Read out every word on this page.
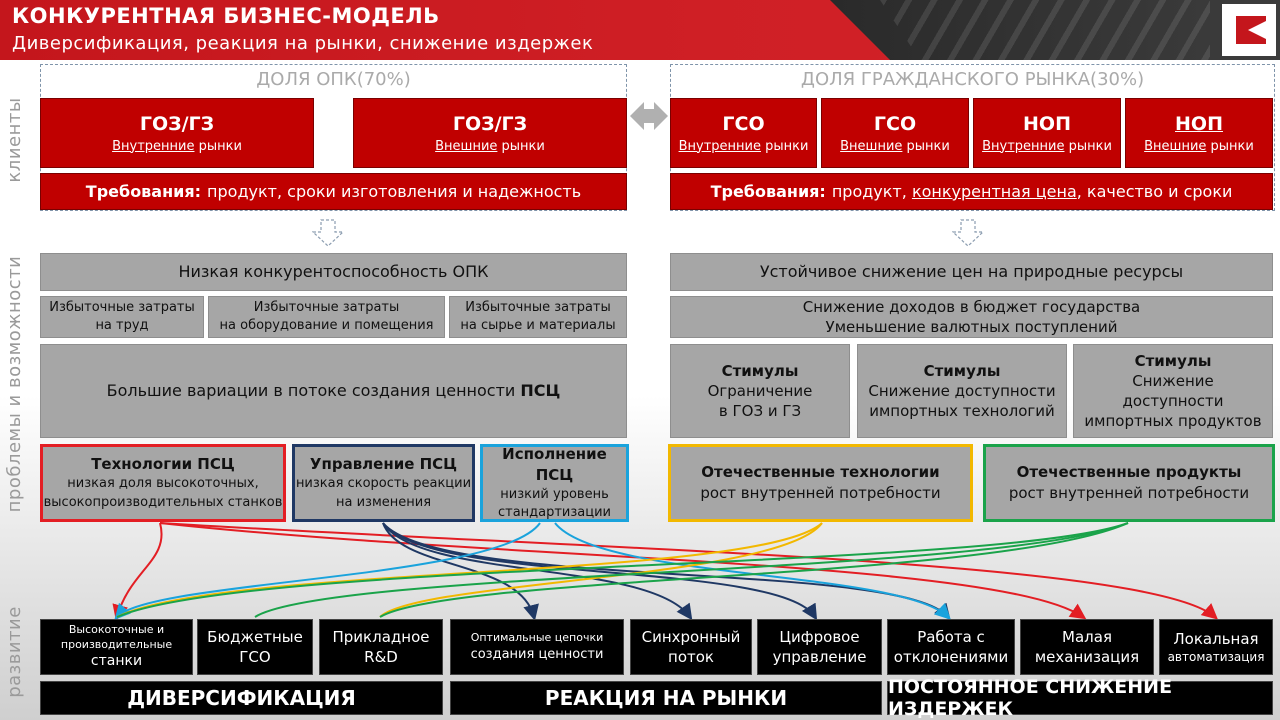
КОНКУРЕНТНАЯ БИЗНЕС-МОДЕЛЬ
Диверсификация, реакция на рынки, снижение издержек
клиенты
проблемы и возможности
развитие
ДОЛЯ ОПК(70%)
ГОЗ/ГЗ
Внутренние рынки
ГОЗ/ГЗ
Внешние рынки
Требования: продукт, сроки изготовления и надежность
ДОЛЯ ГРАЖДАНСКОГО РЫНКА(30%)
ГСО
Внутренние рынки
ГСО
Внешние рынки
НОП
Внутренние рынки
НОП
Внешние рынки
Требования: продукт,
конкурентная цена , качество и сроки
Низкая конкурентоспособность ОПК
Избыточные затраты
на труд
Избыточные затраты
на оборудование и помещения
Избыточные затраты
на сырье и материалы
Большие вариации в потоке создания ценности ПСЦ
Технологии ПСЦ
низкая доля высокоточных,
высокопроизводительных станков
Управление ПСЦ
низкая скорость реакции
на изменения
Исполнение ПСЦ
низкий уровень
стандартизации
Устойчивое снижение цен на природные ресурсы
Снижение доходов в бюджет государства
Уменьшение валютных поступлений
Стимулы
Ограничение
в ГОЗ и ГЗ
Стимулы
Снижение доступности
импортных технологий
Стимулы
Снижение
доступности
импортных продуктов
Отечественные технологии
рост внутренней потребности
Отечественные продукты
рост внутренней потребности
Высокоточные и
производительные
станки
Бюджетные
ГСО
Прикладное
R&D
Оптимальные цепочки
создания ценности
Синхронный
поток
Цифровое
управление
Работа с
отклонениями
Малая
механизация
Локальная
автоматизация
ДИВЕРСИФИКАЦИЯ	РЕАКЦИЯ НА РЫНКИ	ПОСТОЯННОЕ СНИЖЕНИЕ ИЗДЕРЖЕК
